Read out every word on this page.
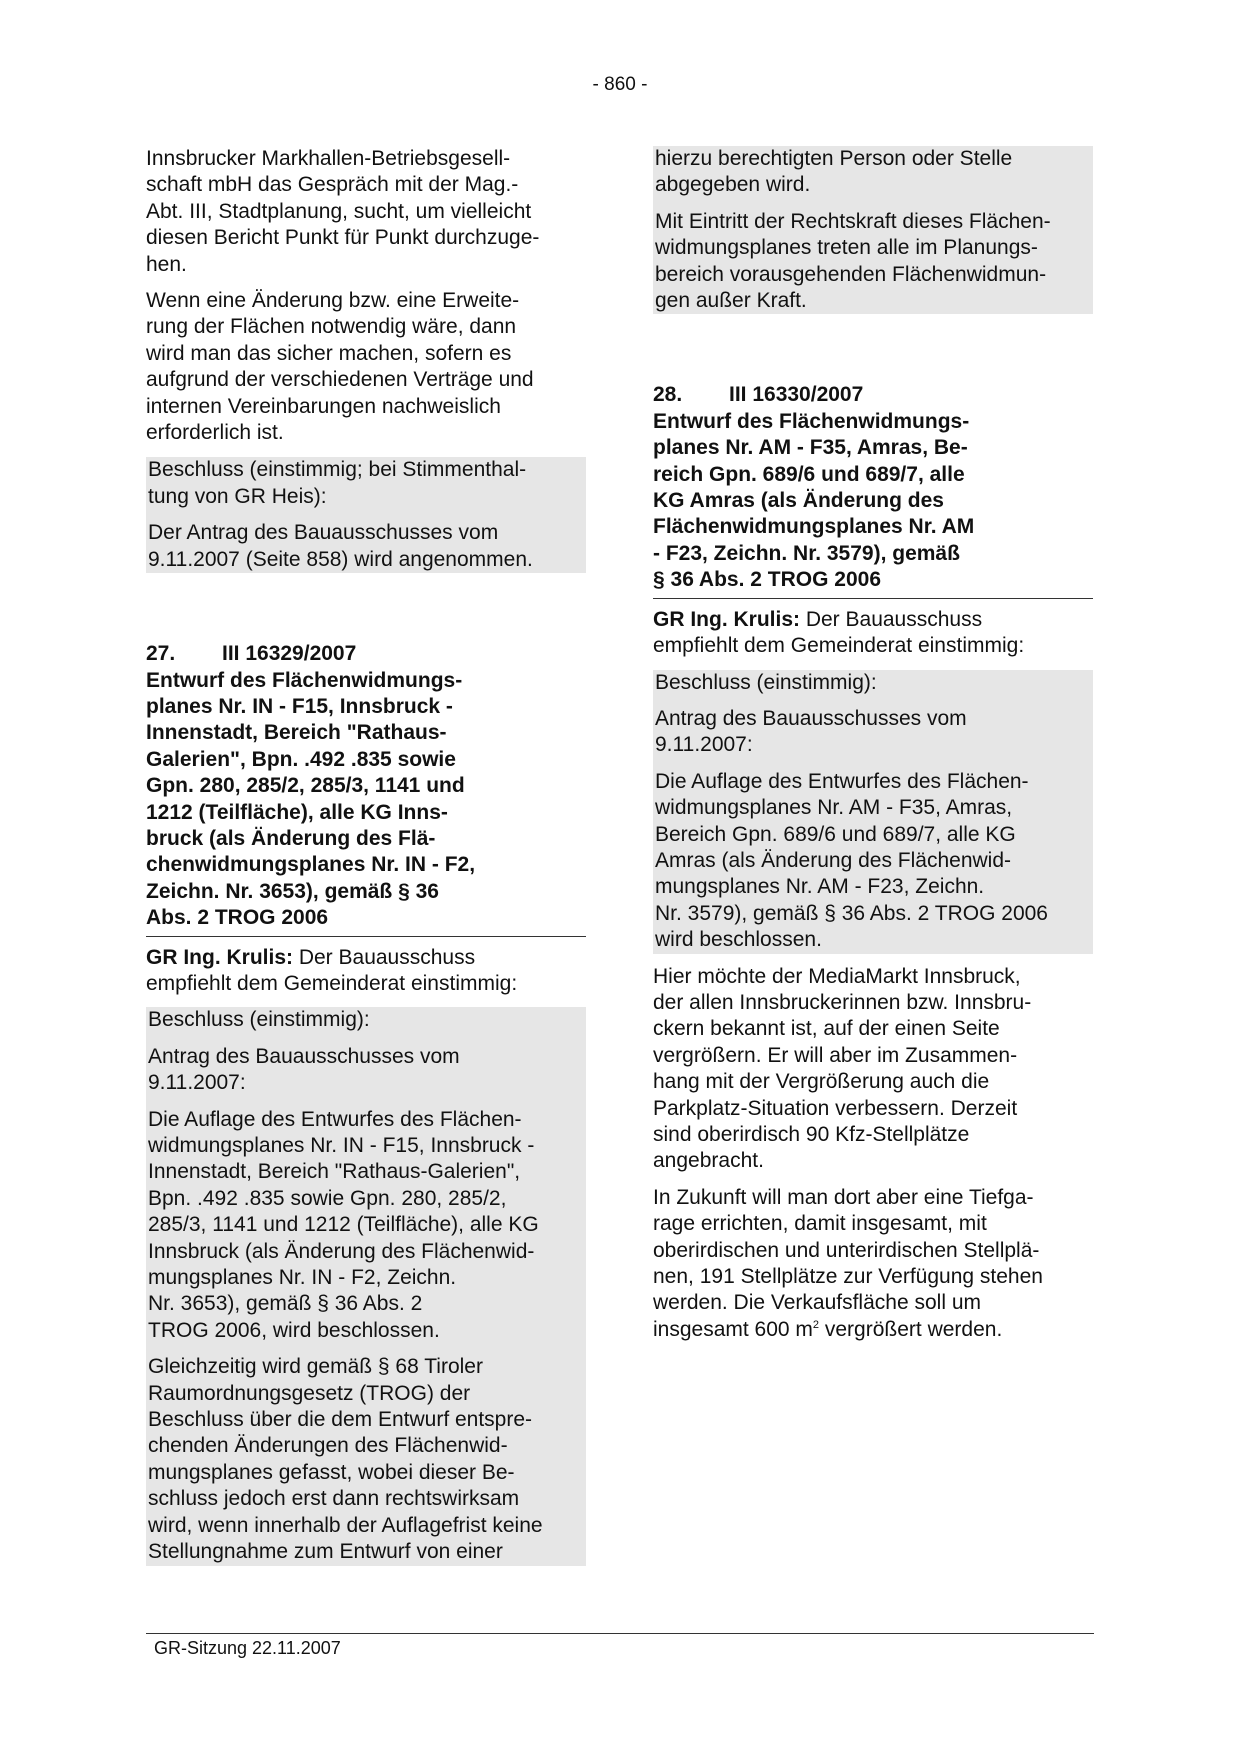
- 860 -

Innsbrucker Markhallen-Betriebsgesell-
schaft mbH das Gespräch mit der Mag.-
Abt. III, Stadtplanung, sucht, um vielleicht
diesen Bericht Punkt für Punkt durchzuge-
hen.

Wenn eine Änderung bzw. eine Erweite-
rung der Flächen notwendig wäre, dann
wird man das sicher machen, sofern es
aufgrund der verschiedenen Verträge und
internen Vereinbarungen nachweislich
erforderlich ist.

Beschluss (einstimmig; bei Stimmenthal-
tung von GR Heis):

Der Antrag des Bauausschusses vom
9.11.2007 (Seite 858) wird angenommen.

27.	III 16329/2007

Entwurf des Flächenwidmungs-
planes Nr. IN - F15, Innsbruck -
Innenstadt, Bereich "Rathaus-
Galerien", Bpn. .492 .835 sowie
Gpn. 280, 285/2, 285/3, 1141 und
1212 (Teilfläche), alle KG Inns-
bruck (als Änderung des Flä-
chenwidmungsplanes Nr. IN - F2,
Zeichn. Nr. 3653), gemäß § 36
Abs. 2 TROG 2006

GR Ing. Krulis: Der Bauausschuss
empfiehlt dem Gemeinderat einstimmig:

Beschluss (einstimmig):

Antrag des Bauausschusses vom
9.11.2007:

Die Auflage des Entwurfes des Flächen-
widmungsplanes Nr. IN - F15, Innsbruck -
Innenstadt, Bereich "Rathaus-Galerien",
Bpn. .492 .835 sowie Gpn. 280, 285/2,
285/3, 1141 und 1212 (Teilfläche), alle KG
Innsbruck (als Änderung des Flächenwid-
mungsplanes Nr. IN - F2, Zeichn.
Nr. 3653), gemäß § 36 Abs. 2
TROG 2006, wird beschlossen.

Gleichzeitig wird gemäß § 68 Tiroler
Raumordnungsgesetz (TROG) der
Beschluss über die dem Entwurf entspre-
chenden Änderungen des Flächenwid-
mungsplanes gefasst, wobei dieser Be-
schluss jedoch erst dann rechtswirksam
wird, wenn innerhalb der Auflagefrist keine
Stellungnahme zum Entwurf von einer

hierzu berechtigten Person oder Stelle
abgegeben wird.

Mit Eintritt der Rechtskraft dieses Flächen-
widmungsplanes treten alle im Planungs-
bereich vorausgehenden Flächenwidmun-
gen außer Kraft.

28.	III 16330/2007

Entwurf des Flächenwidmungs-
planes Nr. AM - F35, Amras, Be-
reich Gpn. 689/6 und 689/7, alle
KG Amras (als Änderung des
Flächenwidmungsplanes Nr. AM
- F23, Zeichn. Nr. 3579), gemäß
§ 36 Abs. 2 TROG 2006

GR Ing. Krulis: Der Bauausschuss
empfiehlt dem Gemeinderat einstimmig:

Beschluss (einstimmig):

Antrag des Bauausschusses vom
9.11.2007:

Die Auflage des Entwurfes des Flächen-
widmungsplanes Nr. AM - F35, Amras,
Bereich Gpn. 689/6 und 689/7, alle KG
Amras (als Änderung des Flächenwid-
mungsplanes Nr. AM - F23, Zeichn.
Nr. 3579), gemäß § 36 Abs. 2 TROG 2006
wird beschlossen.

Hier möchte der MediaMarkt Innsbruck,
der allen Innsbruckerinnen bzw. Innsbru-
ckern bekannt ist, auf der einen Seite
vergrößern. Er will aber im Zusammen-
hang mit der Vergrößerung auch die
Parkplatz-Situation verbessern. Derzeit
sind oberirdisch 90 Kfz-Stellplätze
angebracht.

In Zukunft will man dort aber eine Tiefga-
rage errichten, damit insgesamt, mit
oberirdischen und unterirdischen Stellplä-
nen, 191 Stellplätze zur Verfügung stehen
werden. Die Verkaufsfläche soll um
insgesamt 600 $m^2$ vergrößert werden.

GR-Sitzung 22.11.2007
